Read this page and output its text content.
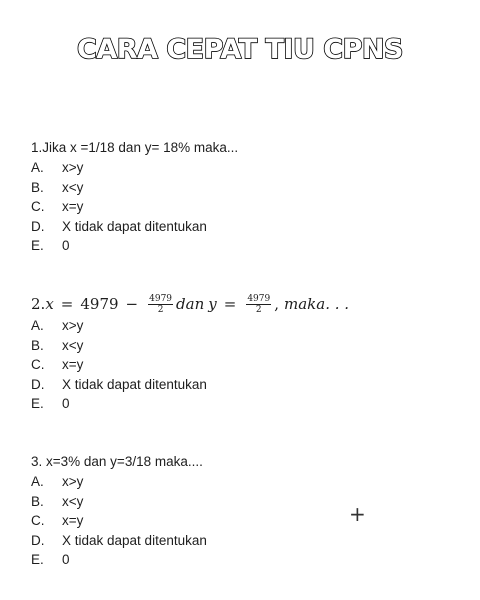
CARA CEPAT TIU CPNS
1.Jika x =1/18 dan y= 18% maka...
A.	x>y
B.	x<y
C.	x=y
D.	X tidak dapat ditentukan
E.	0
2. $x = 4979 - \frac{4979}{2}$ dan $y = \frac{4979}{2}$ , maka. . .
A.	x>y
B.	x<y
C.	x=y
D.	X tidak dapat ditentukan
E.	0
3. x=3% dan y=3/18 maka....
A.	x>y
B.	x<y
C.	x=y
D.	X tidak dapat ditentukan
E.	0
+
